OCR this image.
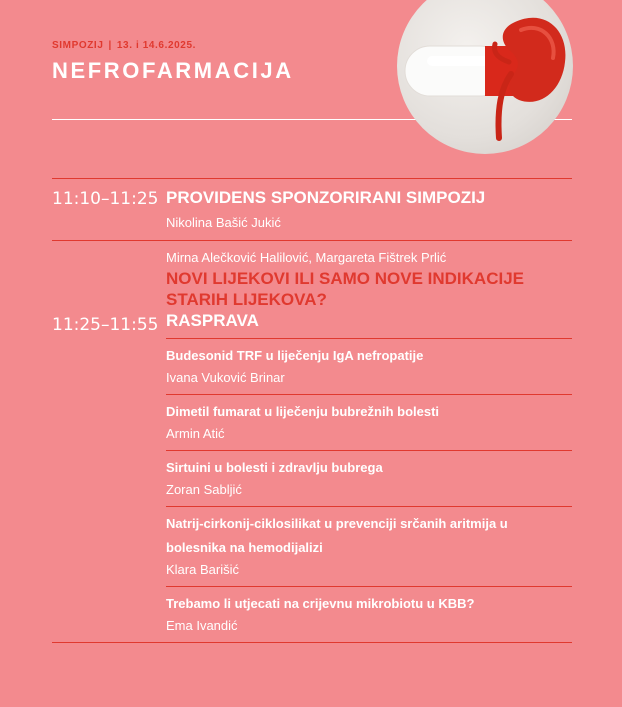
SIMPOZIJ | 13. i 14.6.2025.
NEFROFARMACIJA
11:10–11:25 PROVIDENS SPONZORIRANI SIMPOZIJ
Nikolina Bašić Jukić
11:25–11:55
Mirna Alečković Halilović, Margareta Fištrek Prlić
NOVI LIJEKOVI ILI SAMO NOVE INDIKACIJE
STARIH LIJEKOVA?
RASPRAVA
Budesonid TRF u liječenju IgA nefropatije
Ivana Vuković Brinar
Dimetil fumarat u liječenju bubrežnih bolesti
Armin Atić
Sirtuini u bolesti i zdravlju bubrega
Zoran Sabljić
Natrij-cirkonij-ciklosilikat u prevenciji srčanih aritmija u
bolesnika na hemodijalizi
Klara Barišić
Trebamo li utjecati na crijevnu mikrobiotu u KBB?
Ema Ivandić
